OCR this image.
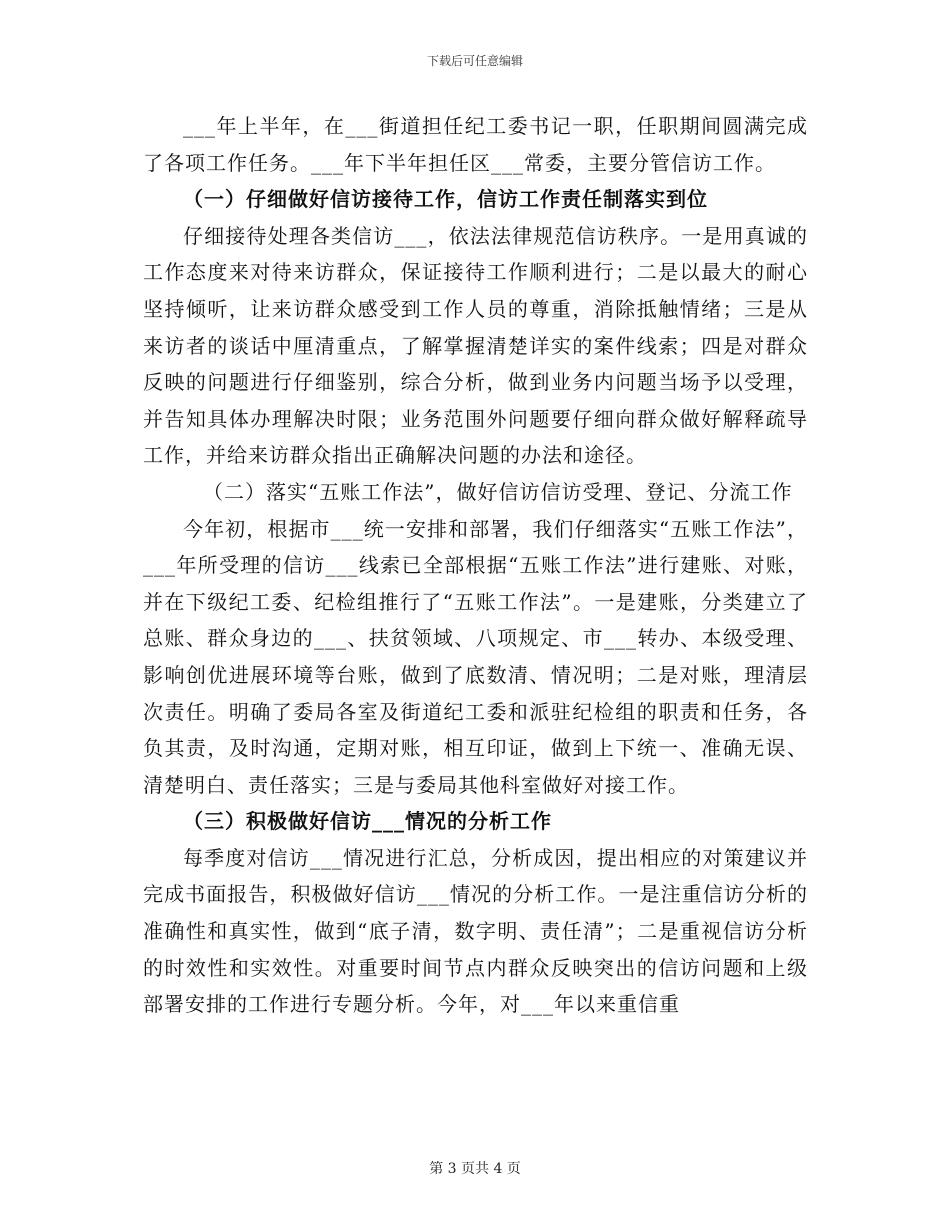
下载后可任意编辑

___年上半年，在___街道担任纪工委书记一职，任职期间圆满完成了各项工作任务。___年下半年担任区___常委，主要分管信访工作。

（一）仔细做好信访接待工作，信访工作责任制落实到位

仔细接待处理各类信访___，依法法律规范信访秩序。一是用真诚的工作态度来对待来访群众，保证接待工作顺利进行；二是以最大的耐心坚持倾听，让来访群众感受到工作人员的尊重，消除抵触情绪；三是从来访者的谈话中厘清重点，了解掌握清楚详实的案件线索；四是对群众反映的问题进行仔细鉴别，综合分析，做到业务内问题当场予以受理，并告知具体办理解决时限；业务范围外问题要仔细向群众做好解释疏导工作，并给来访群众指出正确解决问题的办法和途径。

（二）落实“五账工作法”，做好信访信访受理、登记、分流工作

今年初，根据市___统一安排和部署，我们仔细落实“五账工作法”，___年所受理的信访___线索已全部根据“五账工作法”进行建账、对账，并在下级纪工委、纪检组推行了“五账工作法”。一是建账，分类建立了总账、群众身边的___、扶贫领域、八项规定、市___转办、本级受理、影响创优进展环境等台账，做到了底数清、情况明；二是对账，理清层次责任。明确了委局各室及街道纪工委和派驻纪检组的职责和任务，各负其责，及时沟通，定期对账，相互印证，做到上下统一、准确无误、清楚明白、责任落实；三是与委局其他科室做好对接工作。

（三）积极做好信访___情况的分析工作

每季度对信访___情况进行汇总，分析成因，提出相应的对策建议并完成书面报告，积极做好信访___情况的分析工作。一是注重信访分析的准确性和真实性，做到“底子清，数字明、责任清”；二是重视信访分析的时效性和实效性。对重要时间节点内群众反映突出的信访问题和上级部署安排的工作进行专题分析。今年，对___年以来重信重

第 3 页共 4 页
